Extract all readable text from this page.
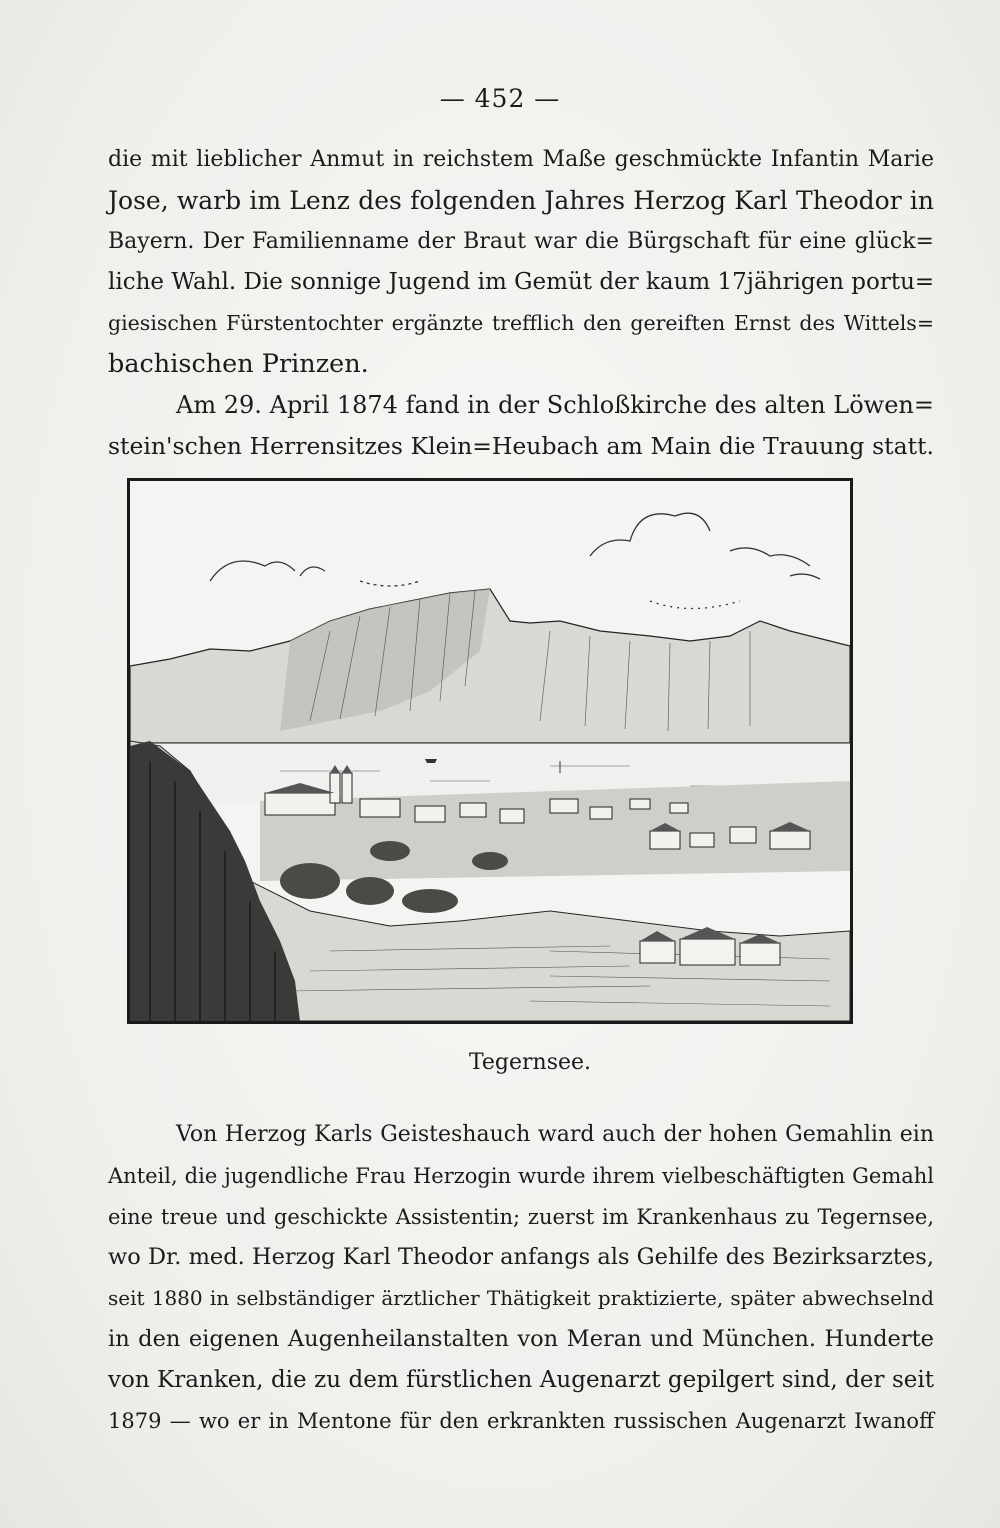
— 452 —
die mit lieblicher Anmut in reichstem Maße geschmückte Infantin Marie
Jose, warb im Lenz des folgenden Jahres Herzog Karl Theodor in
Bayern. Der Familienname der Braut war die Bürgschaft für eine glück=
liche Wahl. Die sonnige Jugend im Gemüt der kaum 17jährigen portu=
giesischen Fürstentochter ergänzte trefflich den gereiften Ernst des Wittels=
bachischen Prinzen.
Am 29. April 1874 fand in der Schloßkirche des alten Löwen=
stein'schen Herrensitzes Klein=Heubach am Main die Trauung statt.
Tegernsee.
Von Herzog Karls Geisteshauch ward auch der hohen Gemahlin ein
Anteil, die jugendliche Frau Herzogin wurde ihrem vielbeschäftigten Gemahl
eine treue und geschickte Assistentin; zuerst im Krankenhaus zu Tegernsee,
wo Dr. med. Herzog Karl Theodor anfangs als Gehilfe des Bezirksarztes,
seit 1880 in selbständiger ärztlicher Thätigkeit praktizierte, später abwechselnd
in den eigenen Augenheilanstalten von Meran und München. Hunderte
von Kranken, die zu dem fürstlichen Augenarzt gepilgert sind, der seit
1879 — wo er in Mentone für den erkrankten russischen Augenarzt Iwanoff
